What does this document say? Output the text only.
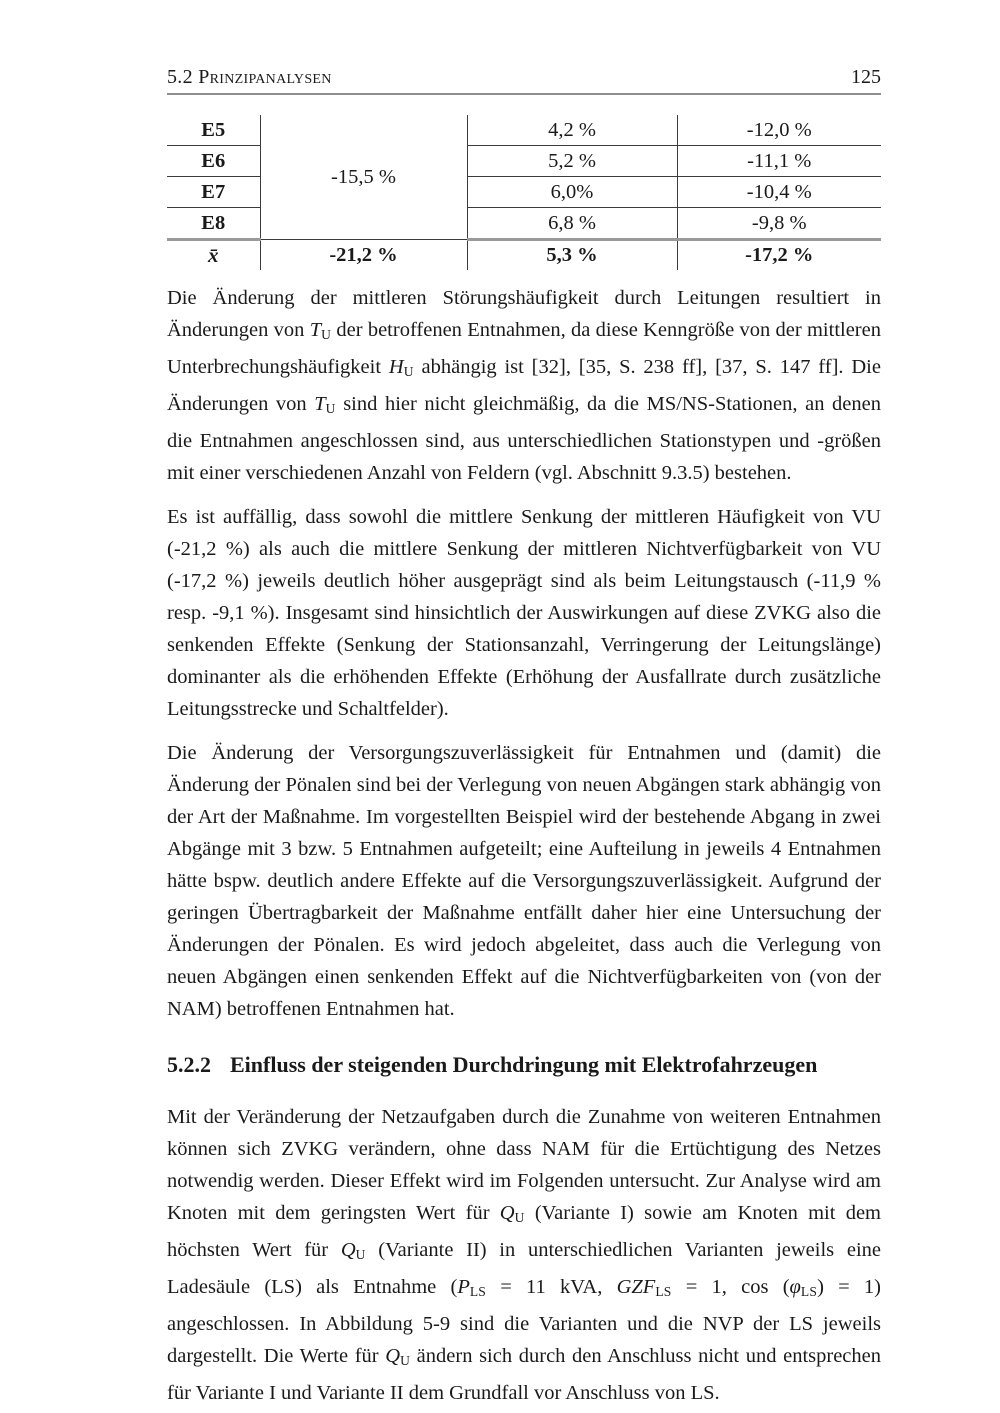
5.2 Prinzipanalysen	125
E5	-15,5 %	4,2 %	-12,0 %
E6		5,2 %	-11,1 %
E7		6,0%	-10,4 %
E8		6,8 %	-9,8 %
x̄	-21,2 %	5,3 %	-17,2 %

Die Änderung der mittleren Störungshäufigkeit durch Leitungen resultiert in Änderungen von TU der betroffenen Entnahmen, da diese Kenngröße von der mittleren Unterbrechungshäufigkeit HU abhängig ist [32], [35, S. 238 ff], [37, S. 147 ff]. Die Änderungen von TU sind hier nicht gleichmäßig, da die MS/NS-Stationen, an denen die Entnahmen angeschlossen sind, aus unterschiedlichen Stationstypen und -größen mit einer verschiedenen Anzahl von Feldern (vgl. Abschnitt 9.3.5) bestehen.

Es ist auffällig, dass sowohl die mittlere Senkung der mittleren Häufigkeit von VU (-21,2 %) als auch die mittlere Senkung der mittleren Nichtverfügbarkeit von VU (-17,2 %) jeweils deutlich höher ausgeprägt sind als beim Leitungstausch (-11,9 % resp. -9,1 %). Insgesamt sind hinsichtlich der Auswirkungen auf diese ZVKG also die senkenden Effekte (Senkung der Stationsanzahl, Verringerung der Leitungslänge) dominanter als die erhöhenden Effekte (Erhöhung der Ausfallrate durch zusätzliche Leitungsstrecke und Schaltfelder).

Die Änderung der Versorgungszuverlässigkeit für Entnahmen und (damit) die Änderung der Pönalen sind bei der Verlegung von neuen Abgängen stark abhängig von der Art der Maßnahme. Im vorgestellten Beispiel wird der bestehende Abgang in zwei Abgänge mit 3 bzw. 5 Entnahmen aufgeteilt; eine Aufteilung in jeweils 4 Entnahmen hätte bspw. deutlich andere Effekte auf die Versorgungszuverlässigkeit. Aufgrund der geringen Übertragbarkeit der Maßnahme entfällt daher hier eine Untersuchung der Änderungen der Pönalen. Es wird jedoch abgeleitet, dass auch die Verlegung von neuen Abgängen einen senkenden Effekt auf die Nichtverfügbarkeiten von (von der NAM) betroffenen Entnahmen hat.

5.2.2 Einfluss der steigenden Durchdringung mit Elektrofahrzeugen

Mit der Veränderung der Netzaufgaben durch die Zunahme von weiteren Entnahmen können sich ZVKG verändern, ohne dass NAM für die Ertüchtigung des Netzes notwendig werden. Dieser Effekt wird im Folgenden untersucht. Zur Analyse wird am Knoten mit dem geringsten Wert für QU (Variante I) sowie am Knoten mit dem höchsten Wert für QU (Variante II) in unterschiedlichen Varianten jeweils eine Ladesäule (LS) als Entnahme (PLS = 11 kVA, GZFLS = 1, cos (φLS) = 1) angeschlossen. In Abbildung 5-9 sind die Varianten und die NVP der LS jeweils dargestellt. Die Werte für QU ändern sich durch den Anschluss nicht und entsprechen für Variante I und Variante II dem Grundfall vor Anschluss von LS.
